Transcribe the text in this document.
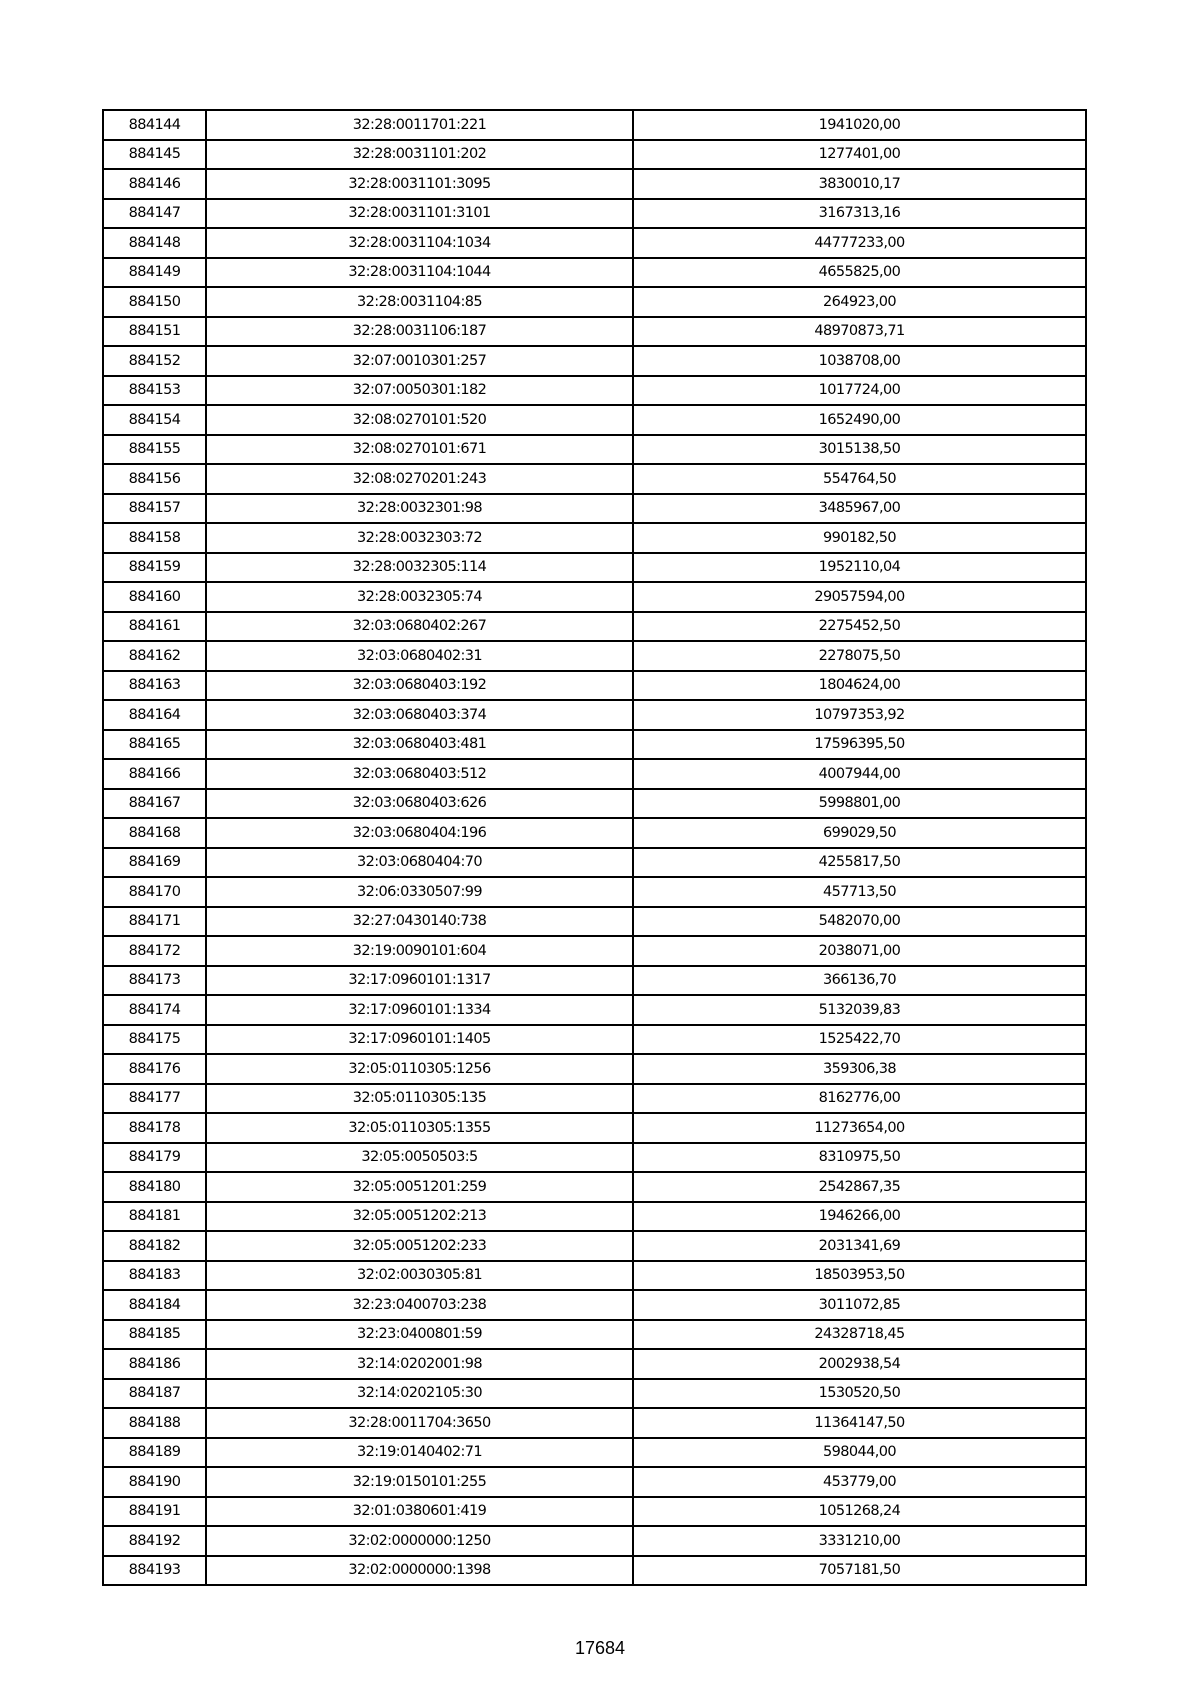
884144	32:28:0011701:221	1941020,00
884145	32:28:0031101:202	1277401,00
884146	32:28:0031101:3095	3830010,17
884147	32:28:0031101:3101	3167313,16
884148	32:28:0031104:1034	44777233,00
884149	32:28:0031104:1044	4655825,00
884150	32:28:0031104:85	264923,00
884151	32:28:0031106:187	48970873,71
884152	32:07:0010301:257	1038708,00
884153	32:07:0050301:182	1017724,00
884154	32:08:0270101:520	1652490,00
884155	32:08:0270101:671	3015138,50
884156	32:08:0270201:243	554764,50
884157	32:28:0032301:98	3485967,00
884158	32:28:0032303:72	990182,50
884159	32:28:0032305:114	1952110,04
884160	32:28:0032305:74	29057594,00
884161	32:03:0680402:267	2275452,50
884162	32:03:0680402:31	2278075,50
884163	32:03:0680403:192	1804624,00
884164	32:03:0680403:374	10797353,92
884165	32:03:0680403:481	17596395,50
884166	32:03:0680403:512	4007944,00
884167	32:03:0680403:626	5998801,00
884168	32:03:0680404:196	699029,50
884169	32:03:0680404:70	4255817,50
884170	32:06:0330507:99	457713,50
884171	32:27:0430140:738	5482070,00
884172	32:19:0090101:604	2038071,00
884173	32:17:0960101:1317	366136,70
884174	32:17:0960101:1334	5132039,83
884175	32:17:0960101:1405	1525422,70
884176	32:05:0110305:1256	359306,38
884177	32:05:0110305:135	8162776,00
884178	32:05:0110305:1355	11273654,00
884179	32:05:0050503:5	8310975,50
884180	32:05:0051201:259	2542867,35
884181	32:05:0051202:213	1946266,00
884182	32:05:0051202:233	2031341,69
884183	32:02:0030305:81	18503953,50
884184	32:23:0400703:238	3011072,85
884185	32:23:0400801:59	24328718,45
884186	32:14:0202001:98	2002938,54
884187	32:14:0202105:30	1530520,50
884188	32:28:0011704:3650	11364147,50
884189	32:19:0140402:71	598044,00
884190	32:19:0150101:255	453779,00
884191	32:01:0380601:419	1051268,24
884192	32:02:0000000:1250	3331210,00
884193	32:02:0000000:1398	7057181,50
17684
